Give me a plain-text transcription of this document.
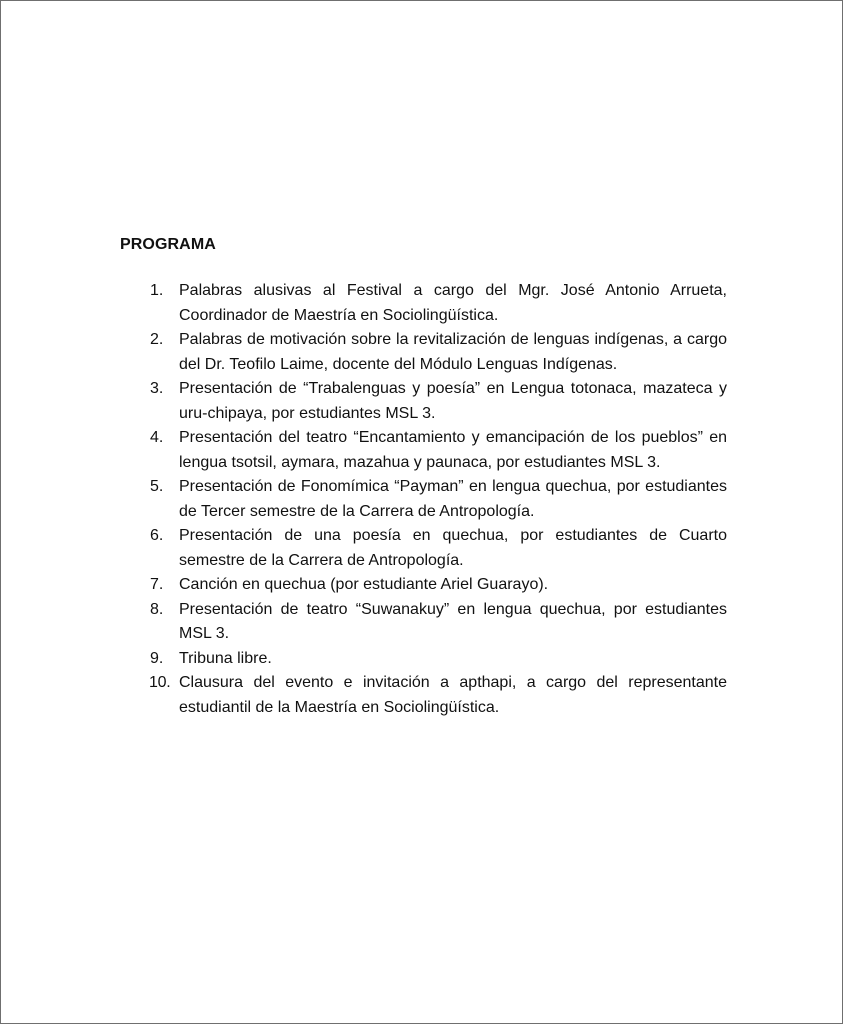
PROGRAMA
1. Palabras alusivas al Festival a cargo del Mgr. José Antonio Arrueta, Coordinador de Maestría en Sociolingüística.
2. Palabras de motivación sobre la revitalización de lenguas indígenas, a cargo del Dr. Teofilo Laime, docente del Módulo Lenguas Indígenas.
3. Presentación de “Trabalenguas y poesía” en Lengua totonaca, mazateca y uru-chipaya, por estudiantes MSL 3.
4. Presentación del teatro “Encantamiento y emancipación de los pueblos” en lengua tsotsil, aymara, mazahua y paunaca, por estudiantes MSL 3.
5. Presentación de Fonomímica “Payman” en lengua quechua, por estudiantes de Tercer semestre de la Carrera de Antropología.
6. Presentación de una poesía en quechua, por estudiantes de Cuarto semestre de la Carrera de Antropología.
7. Canción en quechua (por estudiante Ariel Guarayo).
8. Presentación de teatro “Suwanakuy” en lengua quechua, por estudiantes MSL 3.
9. Tribuna libre.
10. Clausura del evento e invitación a apthapi, a cargo del representante estudiantil de la Maestría en Sociolingüística.
